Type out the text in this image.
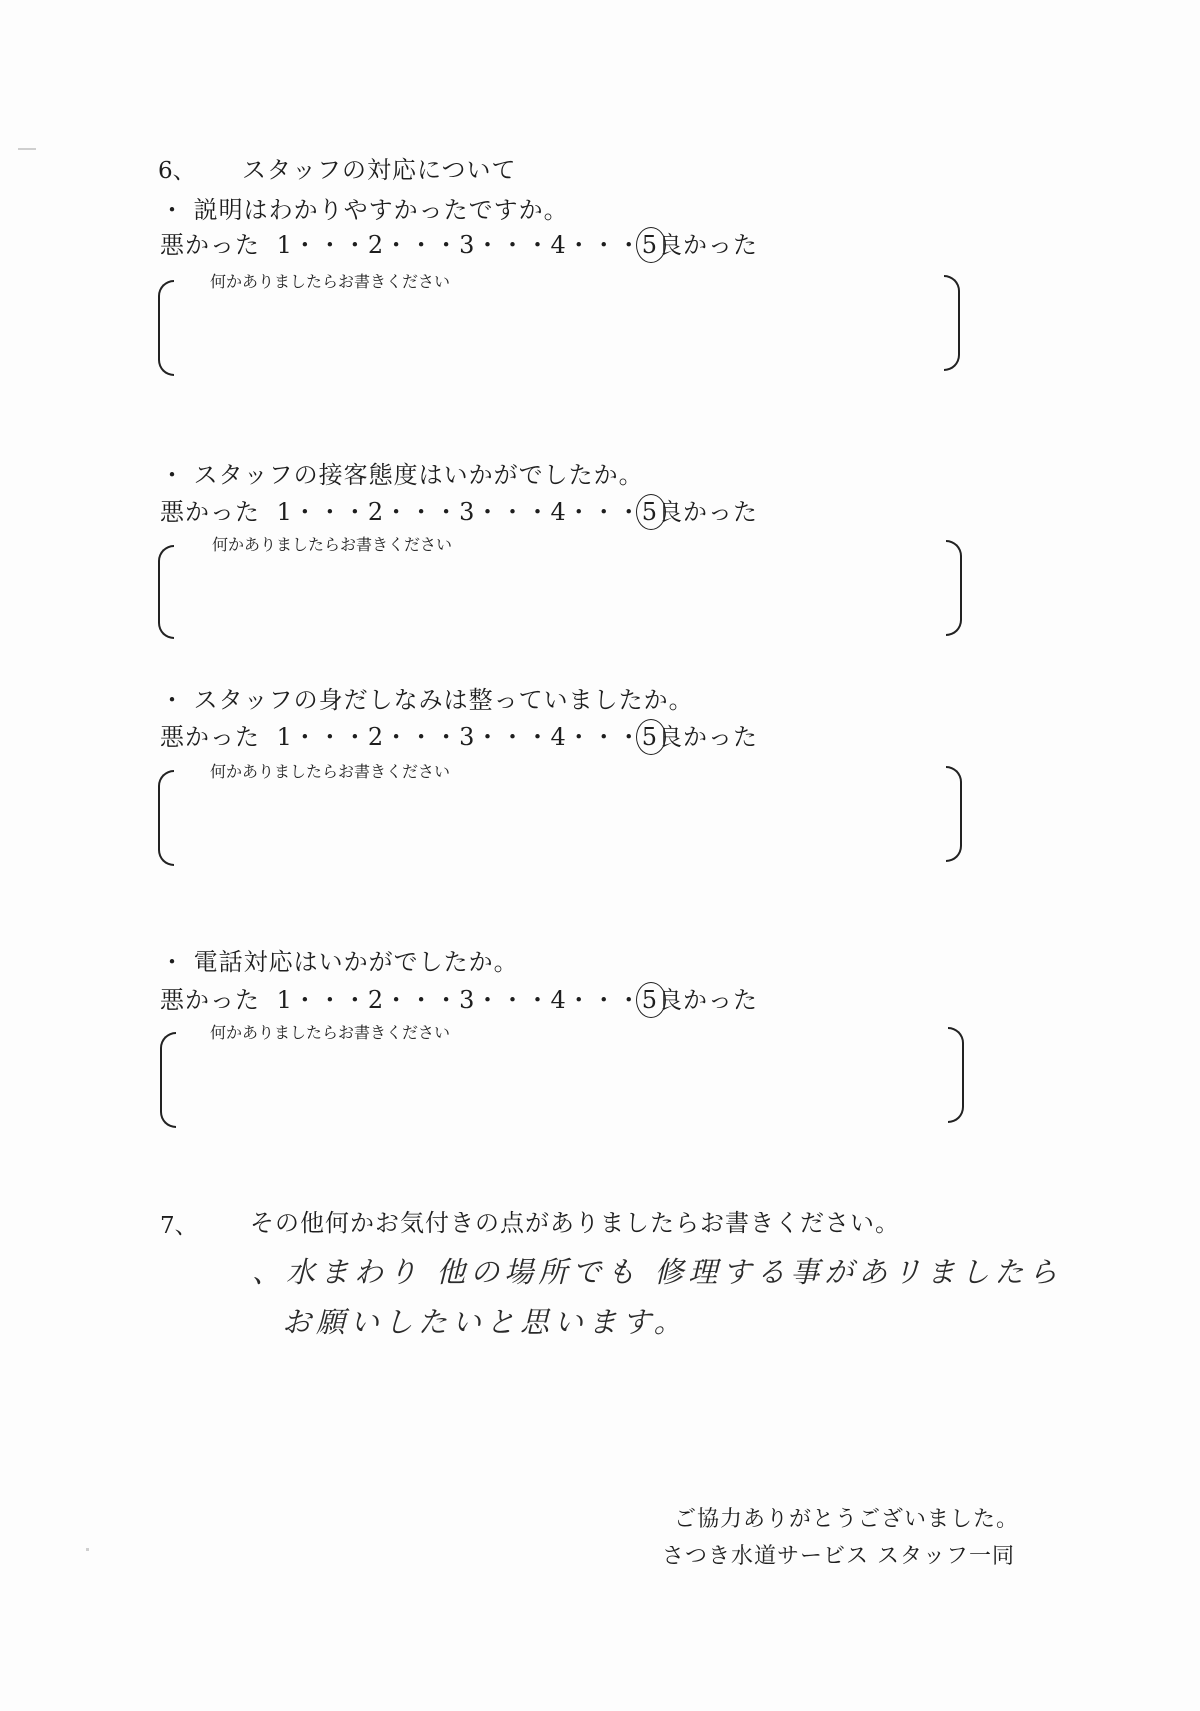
6、 スタッフの対応について
・ 説明はわかりやすかったですか。
悪かった 1・・・2・・・3・・・4・・・5良かった
何かありましたらお書きください
・ スタッフの接客態度はいかがでしたか。
悪かった 1・・・2・・・3・・・4・・・5良かった
何かありましたらお書きください
・ スタッフの身だしなみは整っていましたか。
悪かった 1・・・2・・・3・・・4・・・5良かった
何かありましたらお書きください
・ 電話対応はいかがでしたか。
悪かった 1・・・2・・・3・・・4・・・5良かった
何かありましたらお書きください
7、 その他何かお気付きの点がありましたらお書きください。
、水まわり 他の場所でも 修理する事があリましたら
お願いしたいと思います。
ご協力ありがとうございました。
さつき水道サービス スタッフ一同
